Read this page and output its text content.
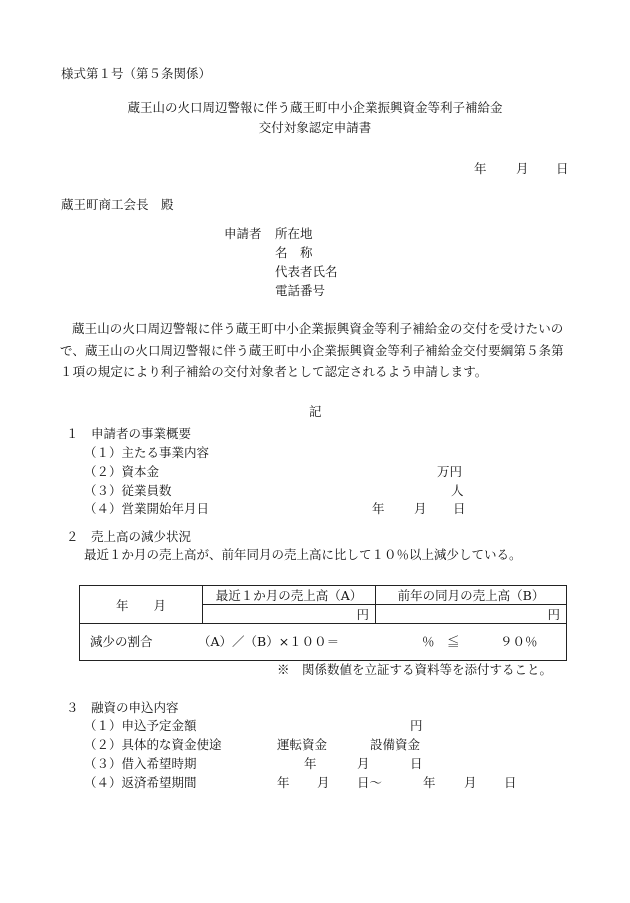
様式第１号（第５条関係）
蔵王山の火口周辺警報に伴う蔵王町中小企業振興資金等利子補給金
交付対象認定申請書
年 月 日
蔵王町商工会長　殿
申請者 所在地
名　称
代表者氏名
電話番号
蔵王山の火口周辺警報に伴う蔵王町中小企業振興資金等利子補給金の交付を受けたいので、蔵王山の火口周辺警報に伴う蔵王町中小企業振興資金等利子補給金交付要綱第５条第１項の規定により利子補給の交付対象者として認定されるよう申請します。
記
１　申請者の事業概要
（１）主たる事業内容
（２）資本金	万円
（３）従業員数	人
（４）営業開始年月日	年 月 日
２　売上高の減少状況
最近１か月の売上高が、前年同月の売上高に比して１０％以上減少している。
年　　月	最近１か月の売上高（A）	前年の同月の売上高（B）
	円	円

減少の割合 （A）／（B）×１００＝ ％　≦ ９０％		
※　関係数値を立証する資料等を添付すること。
３　融資の申込内容
（１）申込予定金額	円
（２）具体的な資金使途	運転資金	設備資金
（３）借入希望時期	年	月	日
（４）返済希望期間	年 月 日～	年 月 日
